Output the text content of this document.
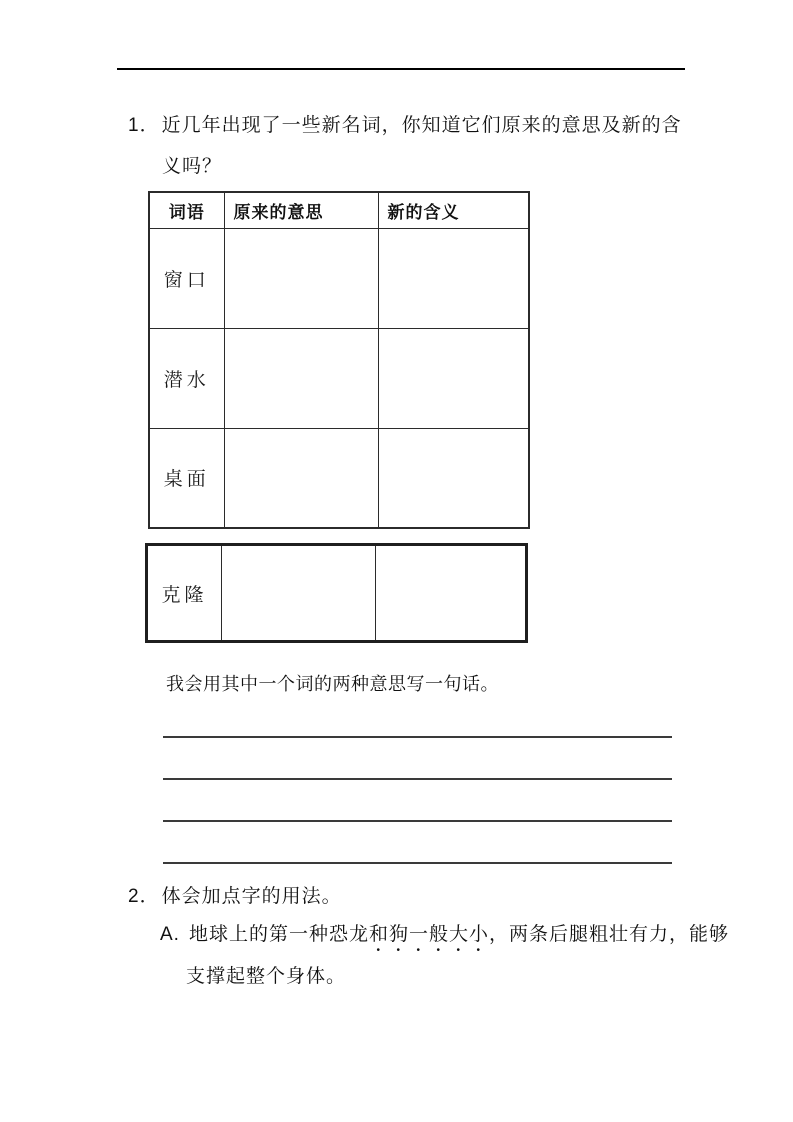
1． 近几年出现了一些新名词，你知道它们原来的意思及新的含
义吗？
词语	原来的意思	新的含义
窗口		
潜水		
桌面		
克隆		
我会用其中一个词的两种意思写一句话。
2． 体会加点字的用法。
A. 地球上的第一种恐龙和狗一般大小，两条后腿粗壮有力，能够
支撑起整个身体。
